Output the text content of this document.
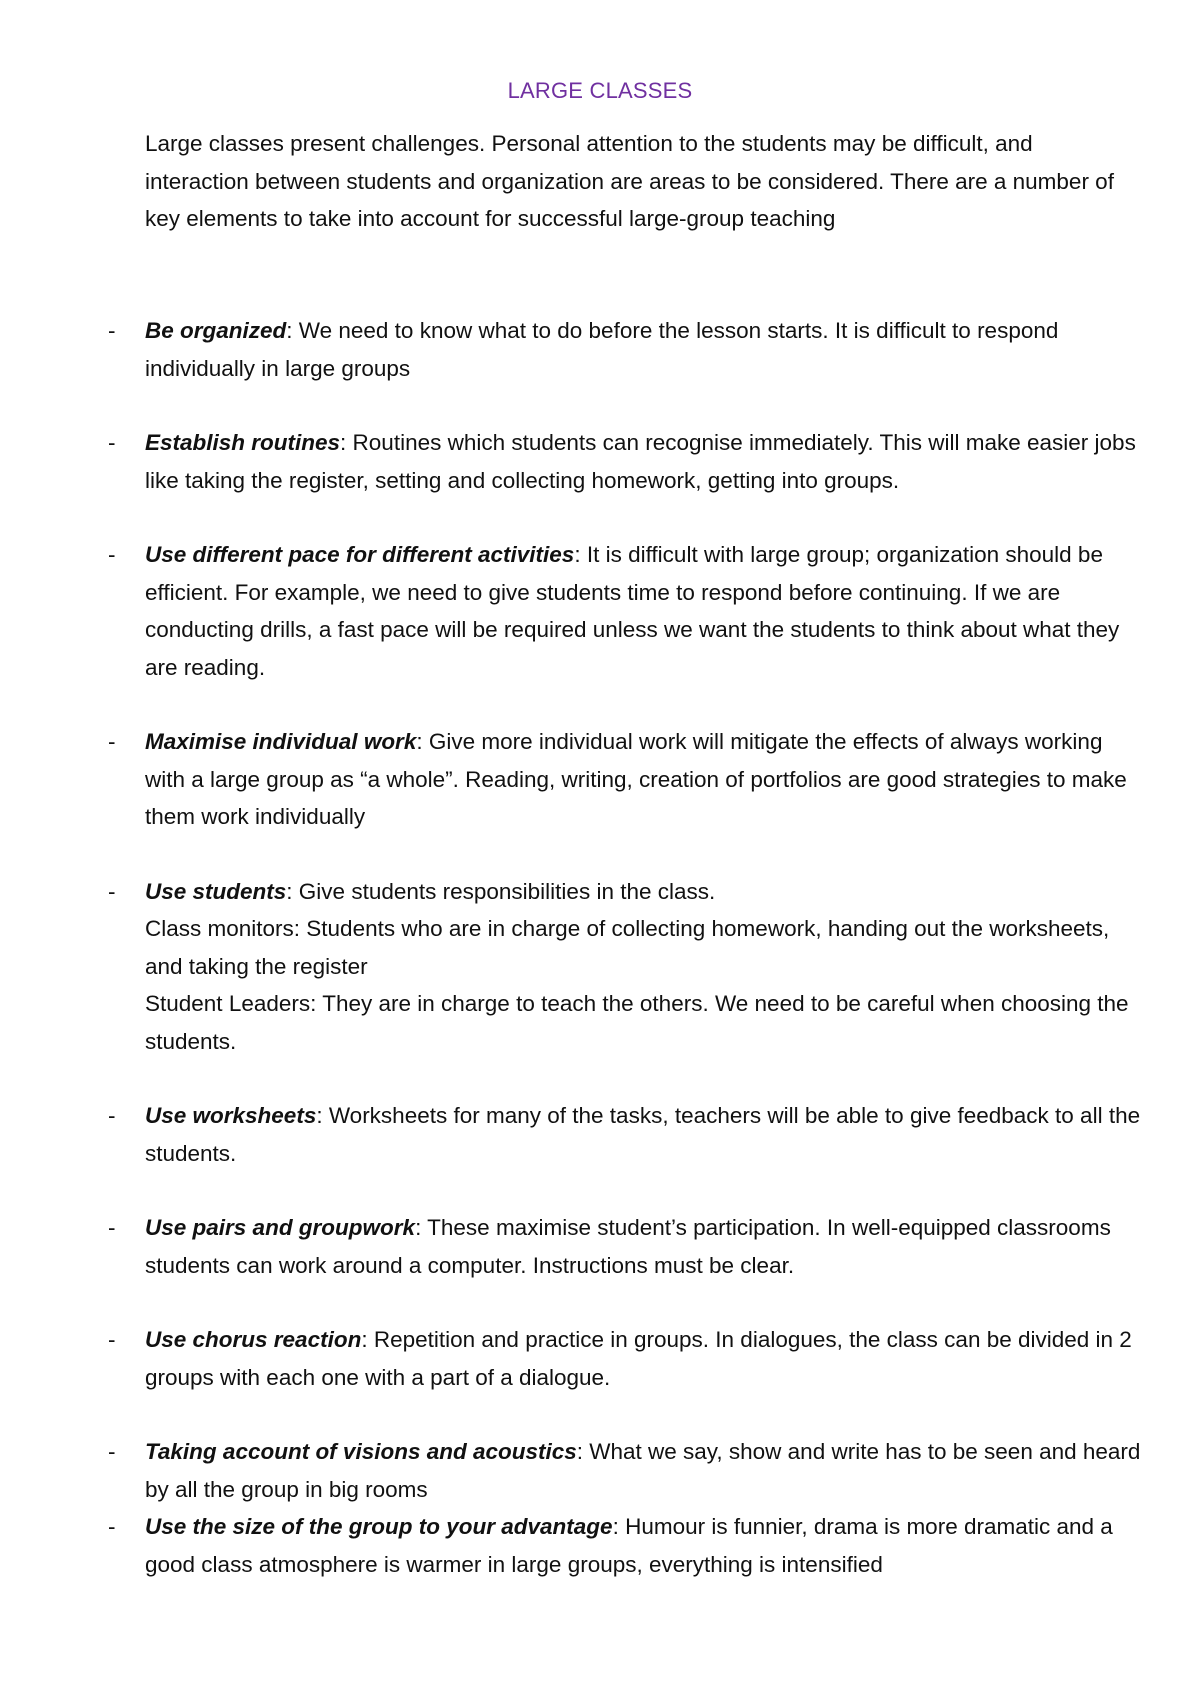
LARGE CLASSES

Large classes present challenges. Personal attention to the students may be difficult, and interaction between students and organization are areas to be considered. There are a number of key elements to take into account for successful large-group teaching

- Be organized: We need to know what to do before the lesson starts. It is difficult to respond individually in large groups
- Establish routines: Routines which students can recognise immediately. This will make easier jobs like taking the register, setting and collecting homework, getting into groups.
- Use different pace for different activities: It is difficult with large group; organization should be efficient. For example, we need to give students time to respond before continuing. If we are conducting drills, a fast pace will be required unless we want the students to think about what they are reading.
- Maximise individual work: Give more individual work will mitigate the effects of always working with a large group as “a whole”. Reading, writing, creation of portfolios are good strategies to make them work individually
- Use students: Give students responsibilities in the class.
Class monitors: Students who are in charge of collecting homework, handing out the worksheets, and taking the register
Student Leaders: They are in charge to teach the others. We need to be careful when choosing the students.
- Use worksheets: Worksheets for many of the tasks, teachers will be able to give feedback to all the students.
- Use pairs and groupwork: These maximise student’s participation. In well-equipped classrooms students can work around a computer. Instructions must be clear.
- Use chorus reaction: Repetition and practice in groups. In dialogues, the class can be divided in 2 groups with each one with a part of a dialogue.
- Taking account of visions and acoustics: What we say, show and write has to be seen and heard by all the group in big rooms
- Use the size of the group to your advantage: Humour is funnier, drama is more dramatic and a good class atmosphere is warmer in large groups, everything is intensified
